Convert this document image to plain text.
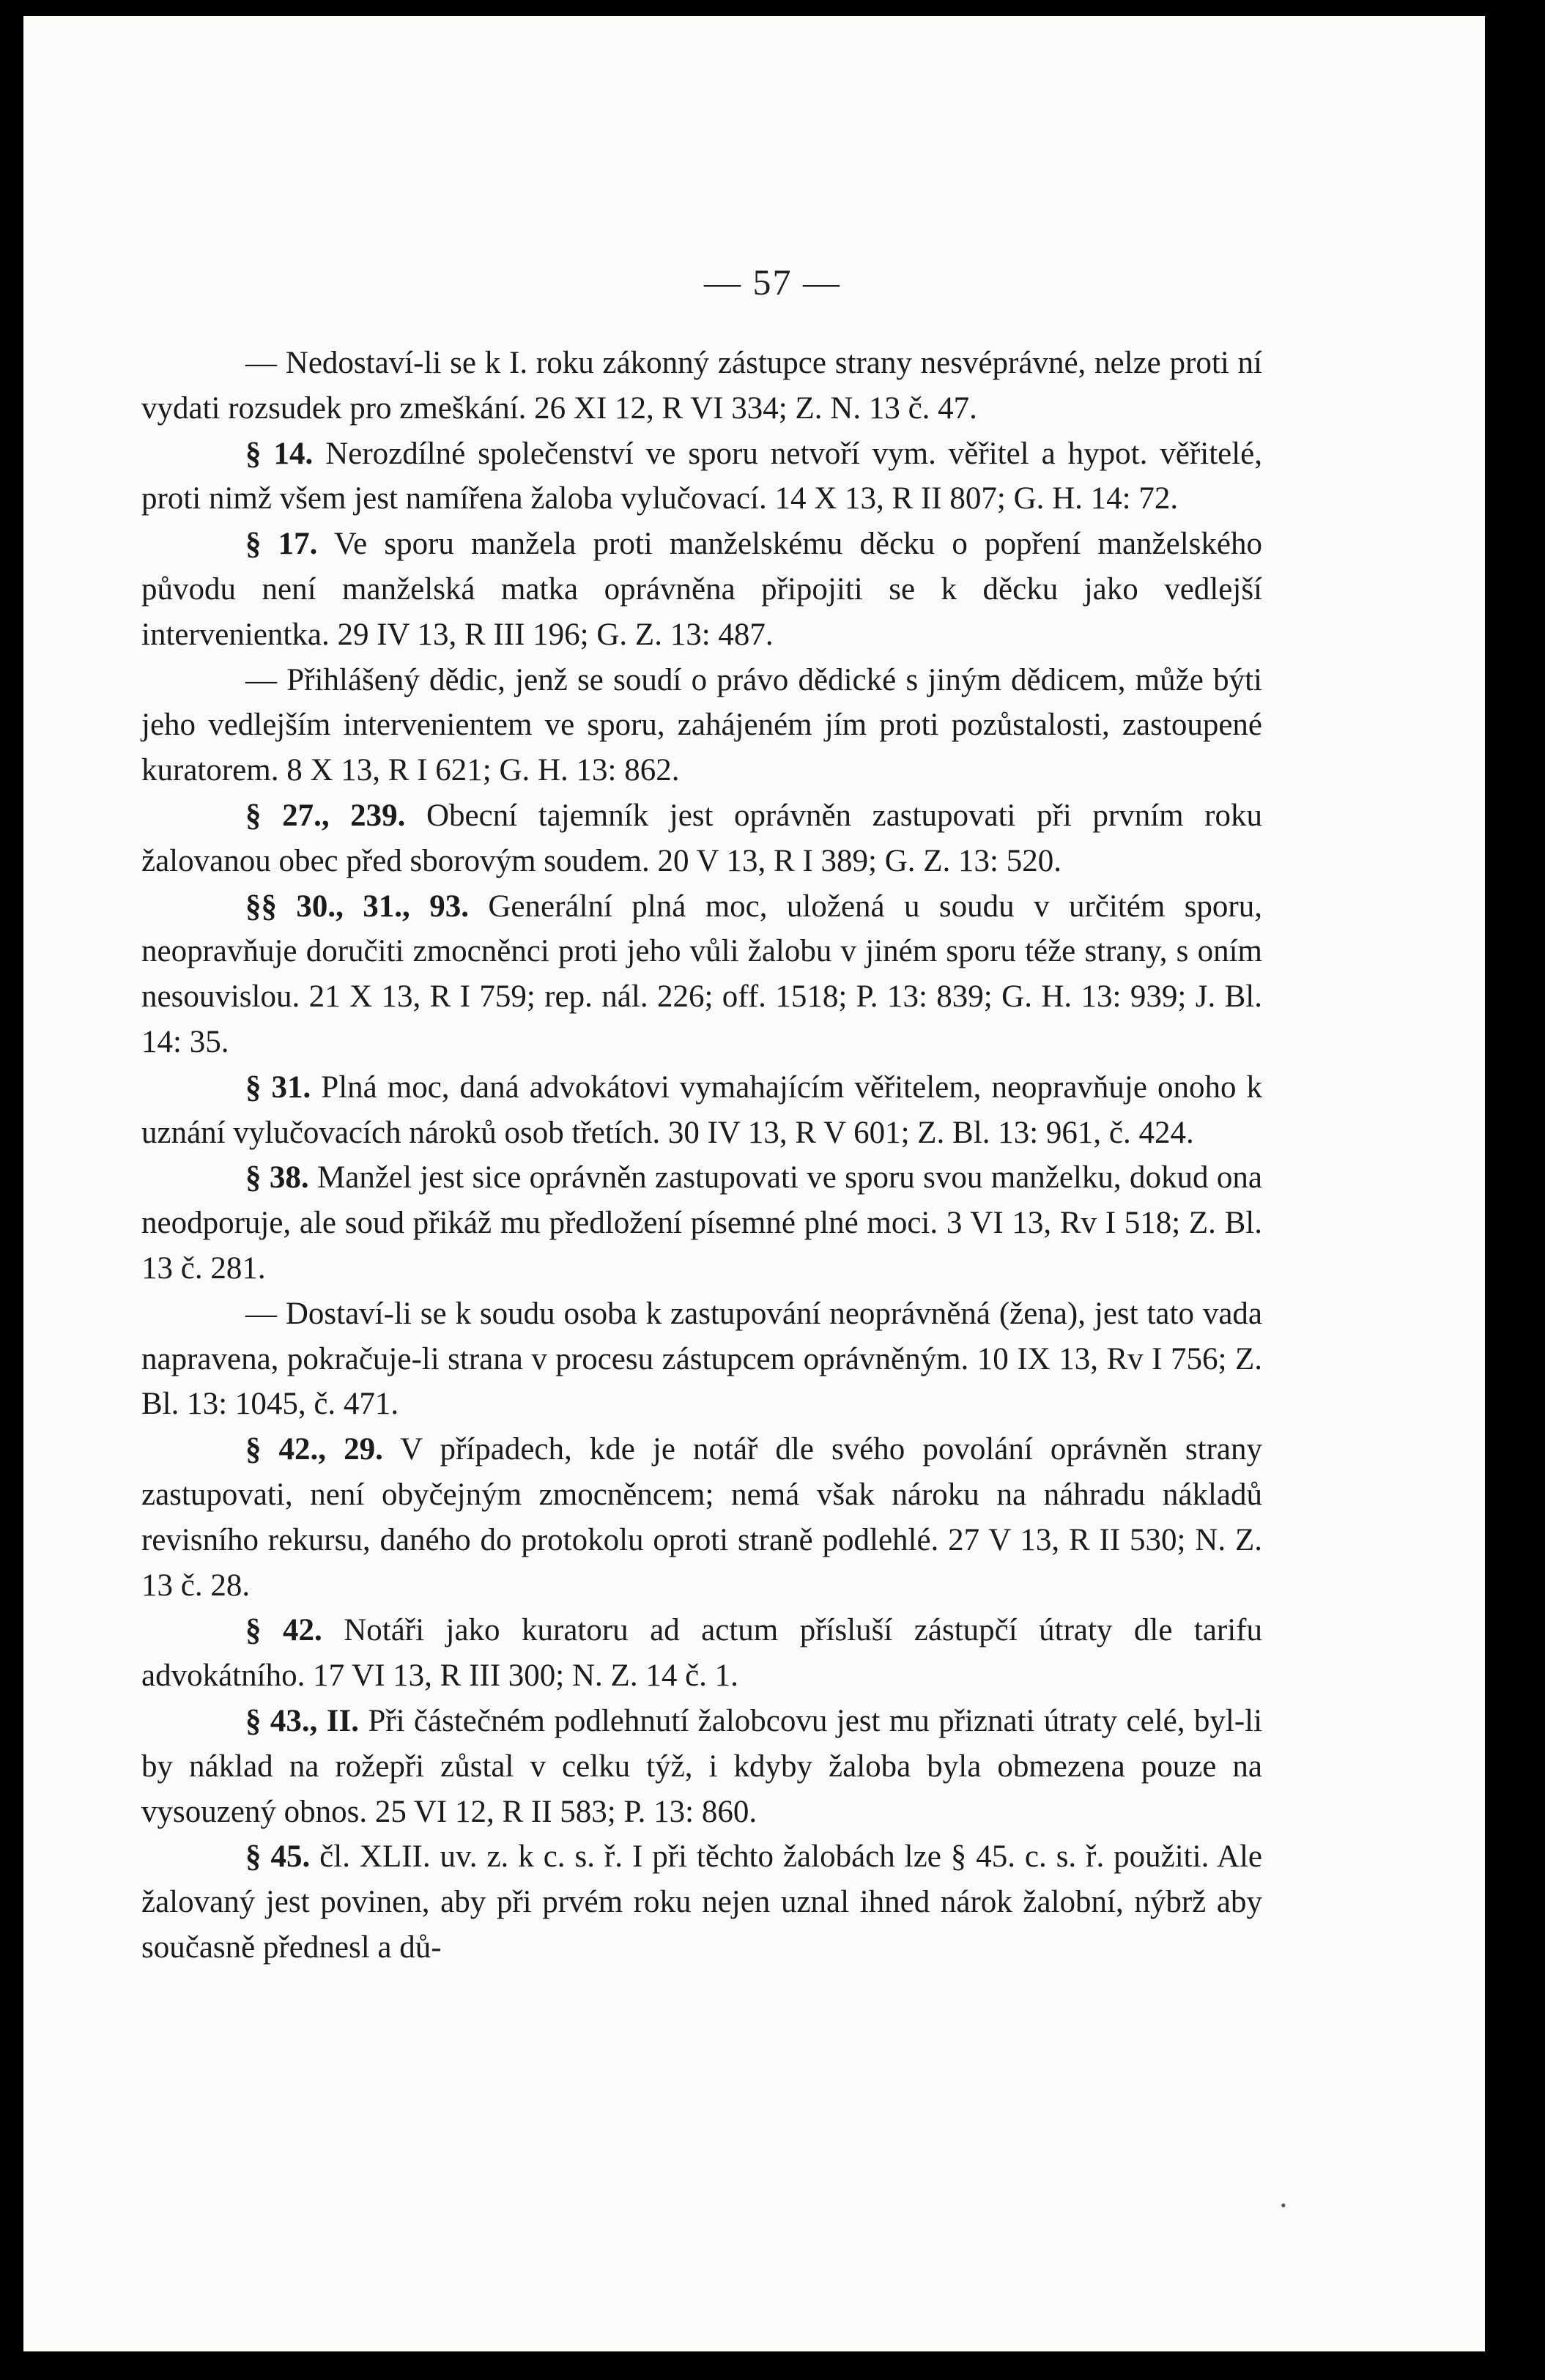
— 57 —

— Nedostaví-li se k I. roku zákonný zástupce strany nesvéprávné, nelze proti ní vydati rozsudek pro zmeškání. 26 XI 12, R VI 334; Z. N. 13 č. 47.

§ 14. Nerozdílné společenství ve sporu netvoří vym. věřitel a hypot. věřitelé, proti nimž všem jest namířena žaloba vylučovací. 14 X 13, R II 807; G. H. 14: 72.

§ 17. Ve sporu manžela proti manželskému děcku o popření manželského původu není manželská matka oprávněna připojiti se k děcku jako vedlejší intervenientka. 29 IV 13, R III 196; G. Z. 13: 487.

— Přihlášený dědic, jenž se soudí o právo dědické s jiným dědicem, může býti jeho vedlejším intervenientem ve sporu, zahájeném jím proti pozůstalosti, zastoupené kuratorem. 8 X 13, R I 621; G. H. 13: 862.

§ 27., 239. Obecní tajemník jest oprávněn zastupovati při prvním roku žalovanou obec před sborovým soudem. 20 V 13, R I 389; G. Z. 13: 520.

§§ 30., 31., 93. Generální plná moc, uložená u soudu v určitém sporu, neopravňuje doručiti zmocněnci proti jeho vůli žalobu v jiném sporu téže strany, s oním nesouvislou. 21 X 13, R I 759; rep. nál. 226; off. 1518; P. 13: 839; G. H. 13: 939; J. Bl. 14: 35.

§ 31. Plná moc, daná advokátovi vymahajícím věřitelem, neopravňuje onoho k uznání vylučovacích nároků osob třetích. 30 IV 13, R V 601; Z. Bl. 13: 961, č. 424.

§ 38. Manžel jest sice oprávněn zastupovati ve sporu svou manželku, dokud ona neodporuje, ale soud přikáž mu předložení písemné plné moci. 3 VI 13, Rv I 518; Z. Bl. 13 č. 281.

— Dostaví-li se k soudu osoba k zastupování neoprávněná (žena), jest tato vada napravena, pokračuje-li strana v procesu zástupcem oprávněným. 10 IX 13, Rv I 756; Z. Bl. 13: 1045, č. 471.

§ 42., 29. V případech, kde je notář dle svého povolání oprávněn strany zastupovati, není obyčejným zmocněncem; nemá však nároku na náhradu nákladů revisního rekursu, daného do protokolu oproti straně podlehlé. 27 V 13, R II 530; N. Z. 13 č. 28.

§ 42. Notáři jako kuratoru ad actum přísluší zástupčí útraty dle tarifu advokátního. 17 VI 13, R III 300; N. Z. 14 č. 1.

§ 43., II. Při částečném podlehnutí žalobcovu jest mu přiznati útraty celé, byl-li by náklad na rožepři zůstal v celku týž, i kdyby žaloba byla obmezena pouze na vysouzený obnos. 25 VI 12, R II 583; P. 13: 860.

§ 45. čl. XLII. uv. z. k c. s. ř. I při těchto žalobách lze § 45. c. s. ř. použiti. Ale žalovaný jest povinen, aby při prvém roku nejen uznal ihned nárok žalobní, nýbrž aby současně přednesl a dů-

•
